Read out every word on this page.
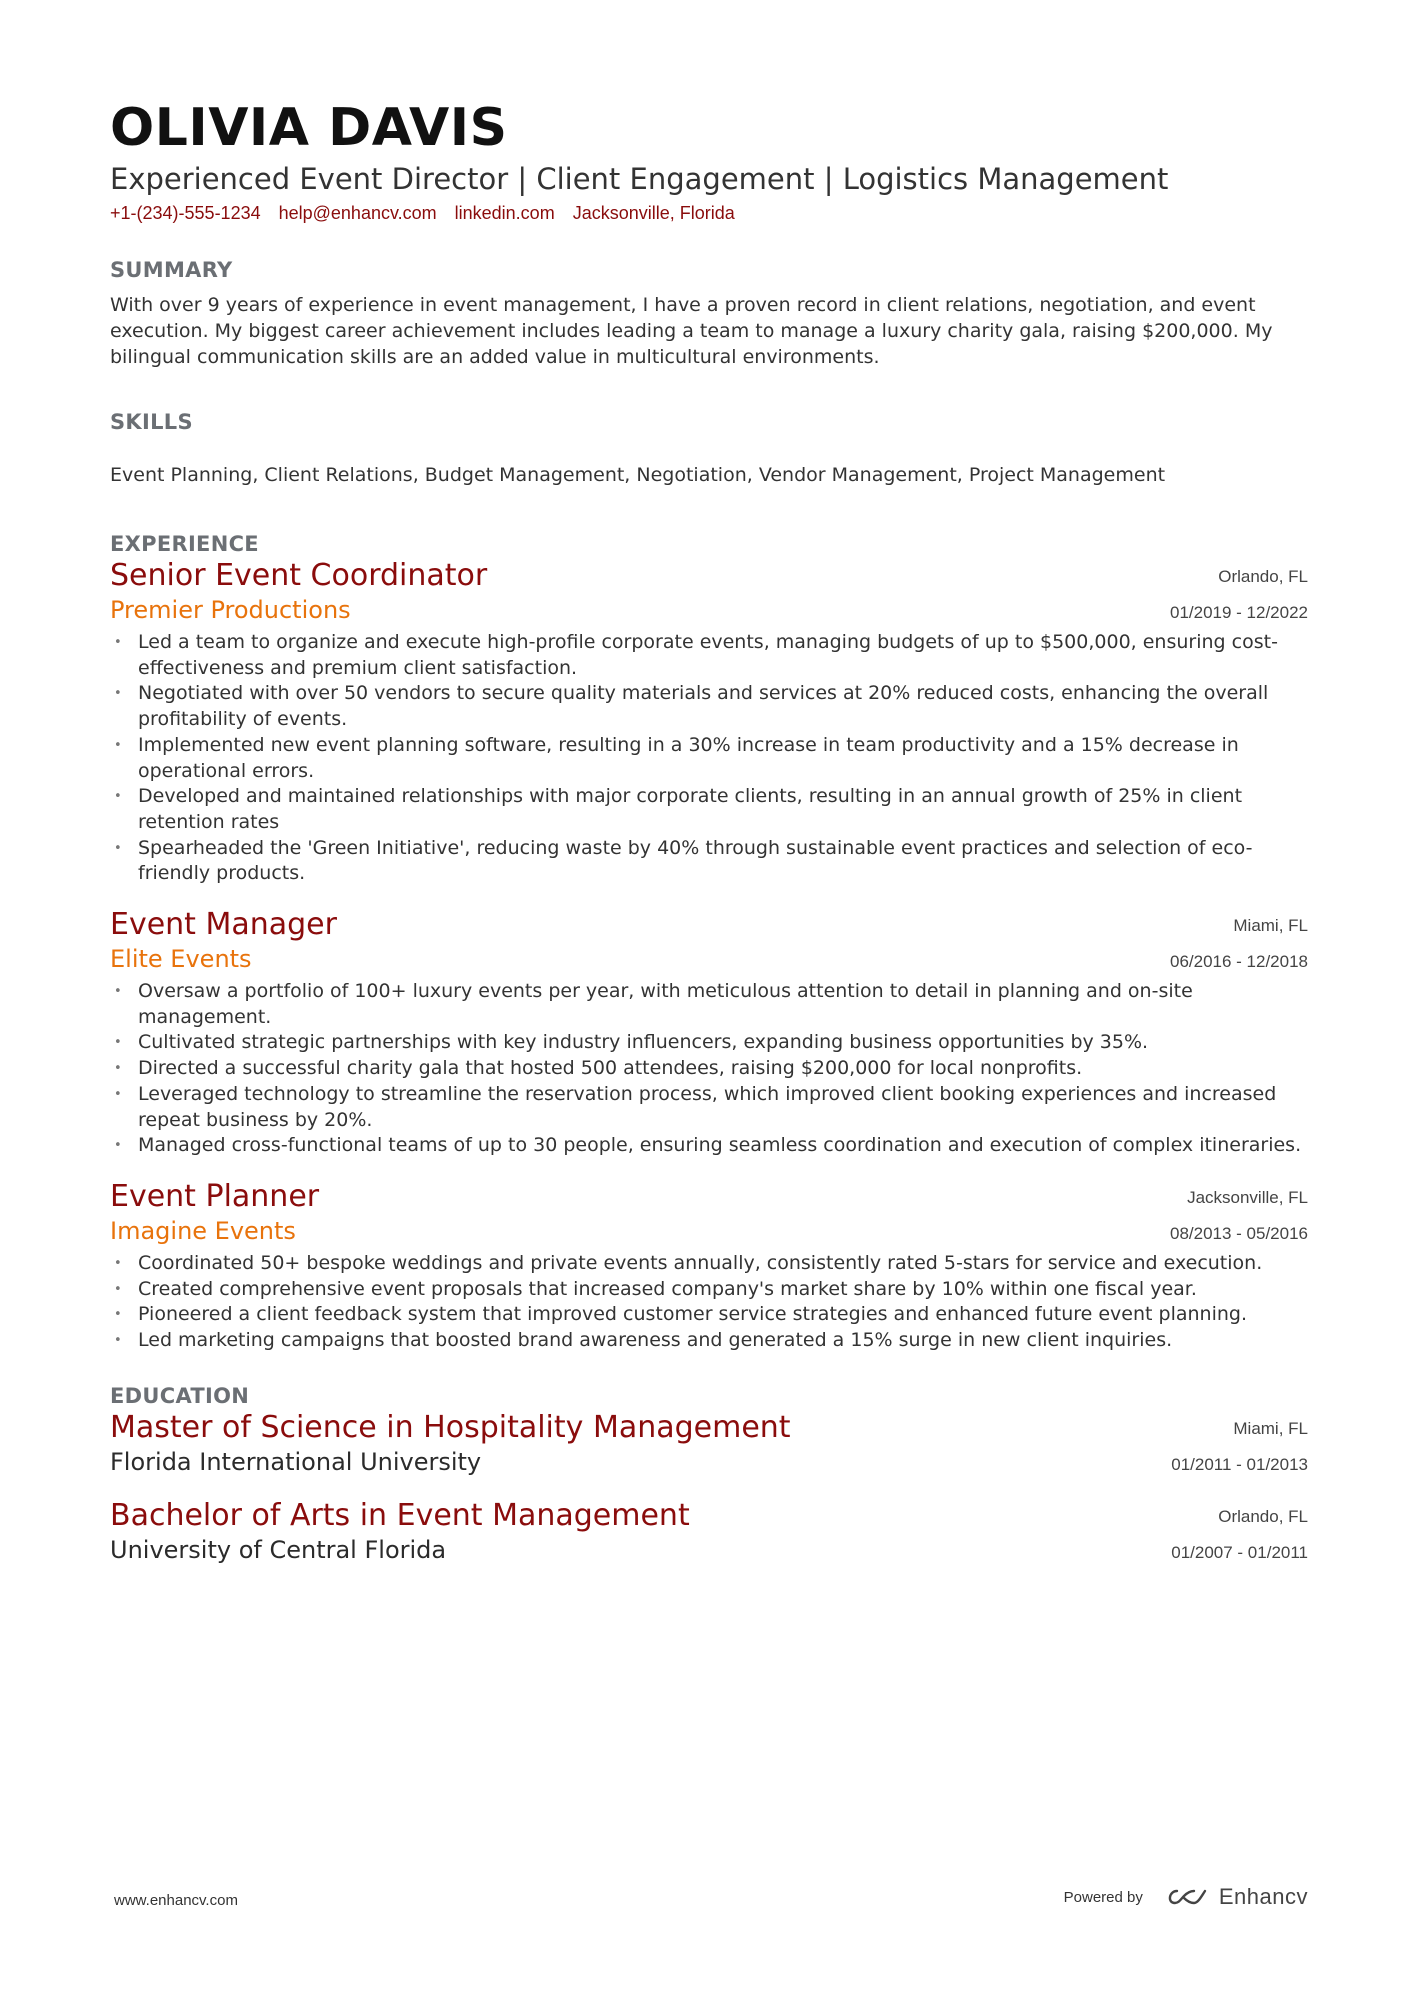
OLIVIA DAVIS
Experienced Event Director | Client Engagement | Logistics Management
+1-(234)-555-1234 help@enhancv.com linkedin.com Jacksonville, Florida
SUMMARY
With over 9 years of experience in event management, I have a proven record in client relations, negotiation, and event execution. My biggest career achievement includes leading a team to manage a luxury charity gala, raising $200,000. My bilingual communication skills are an added value in multicultural environments.
SKILLS
Event Planning, Client Relations, Budget Management, Negotiation, Vendor Management, Project Management
EXPERIENCE
Senior Event Coordinator
Premier Productions
Orlando, FL
01/2019 - 12/2022
• Led a team to organize and execute high-profile corporate events, managing budgets of up to $500,000, ensuring cost-effectiveness and premium client satisfaction.
• Negotiated with over 50 vendors to secure quality materials and services at 20% reduced costs, enhancing the overall profitability of events.
• Implemented new event planning software, resulting in a 30% increase in team productivity and a 15% decrease in operational errors.
• Developed and maintained relationships with major corporate clients, resulting in an annual growth of 25% in client retention rates
• Spearheaded the 'Green Initiative', reducing waste by 40% through sustainable event practices and selection of eco-friendly products.
Event Manager
Elite Events
Miami, FL
06/2016 - 12/2018
• Oversaw a portfolio of 100+ luxury events per year, with meticulous attention to detail in planning and on-site management.
• Cultivated strategic partnerships with key industry influencers, expanding business opportunities by 35%.
• Directed a successful charity gala that hosted 500 attendees, raising $200,000 for local nonprofits.
• Leveraged technology to streamline the reservation process, which improved client booking experiences and increased repeat business by 20%.
• Managed cross-functional teams of up to 30 people, ensuring seamless coordination and execution of complex itineraries.
Event Planner
Imagine Events
Jacksonville, FL
08/2013 - 05/2016
• Coordinated 50+ bespoke weddings and private events annually, consistently rated 5-stars for service and execution.
• Created comprehensive event proposals that increased company's market share by 10% within one fiscal year.
• Pioneered a client feedback system that improved customer service strategies and enhanced future event planning.
• Led marketing campaigns that boosted brand awareness and generated a 15% surge in new client inquiries.
EDUCATION
Master of Science in Hospitality Management
Florida International University
Miami, FL
01/2011 - 01/2013
Bachelor of Arts in Event Management
University of Central Florida
Orlando, FL
01/2007 - 01/2011
www.enhancv.com	Powered by	Enhancv
